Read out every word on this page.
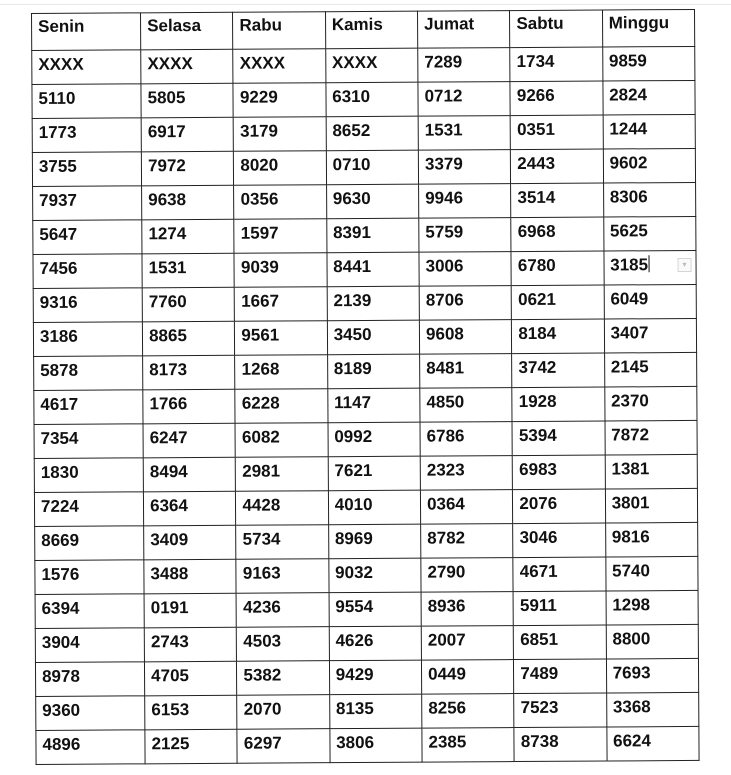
Senin	Selasa	Rabu	Kamis	Jumat	Sabtu	Minggu
XXXX	XXXX	XXXX	XXXX	7289	1734	9859
5110	5805	9229	6310	0712	9266	2824
1773	6917	3179	8652	1531	0351	1244
3755	7972	8020	0710	3379	2443	9602
7937	9638	0356	9630	9946	3514	8306
5647	1274	1597	8391	5759	6968	5625
7456	1531	9039	8441	3006	6780	3185 ▾

9316	7760	1667	2139	8706	0621	6049
3186	8865	9561	3450	9608	8184	3407
5878	8173	1268	8189	8481	3742	2145
4617	1766	6228	1147	4850	1928	2370
7354	6247	6082	0992	6786	5394	7872
1830	8494	2981	7621	2323	6983	1381
7224	6364	4428	4010	0364	2076	3801
8669	3409	5734	8969	8782	3046	9816
1576	3488	9163	9032	2790	4671	5740
6394	0191	4236	9554	8936	5911	1298
3904	2743	4503	4626	2007	6851	8800
8978	4705	5382	9429	0449	7489	7693
9360	6153	2070	8135	8256	7523	3368
4896	2125	6297	3806	2385	8738	6624
